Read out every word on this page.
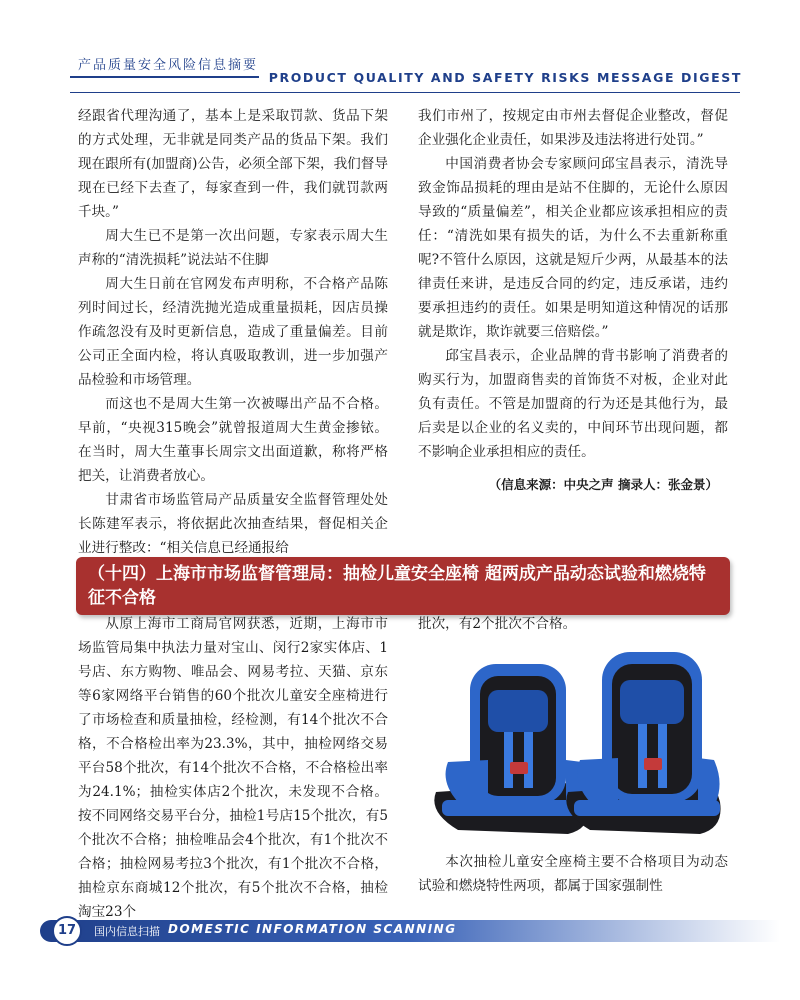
产品质量安全风险信息摘要
PRODUCT QUALITY AND SAFETY RISKS MESSAGE DIGEST

经跟省代理沟通了，基本上是采取罚款、货品下架的方式处理，无非就是同类产品的货品下架。我们现在跟所有(加盟商)公告，必须全部下架，我们督导现在已经下去查了，每家查到一件，我们就罚款两千块。”

周大生已不是第一次出问题，专家表示周大生声称的“清洗损耗”说法站不住脚

周大生日前在官网发布声明称，不合格产品陈列时间过长，经清洗抛光造成重量损耗，因店员操作疏忽没有及时更新信息，造成了重量偏差。目前公司正全面内检，将认真吸取教训，进一步加强产品检验和市场管理。

而这也不是周大生第一次被曝出产品不合格。早前，“央视315晚会”就曾报道周大生黄金掺铱。在当时，周大生董事长周宗文出面道歉，称将严格把关，让消费者放心。

甘肃省市场监管局产品质量安全监督管理处处长陈建军表示，将依据此次抽查结果，督促相关企业进行整改：“相关信息已经通报给

我们市州了，按规定由市州去督促企业整改，督促企业强化企业责任，如果涉及违法将进行处罚。”

中国消费者协会专家顾问邱宝昌表示，清洗导致金饰品损耗的理由是站不住脚的，无论什么原因导致的“质量偏差”，相关企业都应该承担相应的责任：“清洗如果有损失的话，为什么不去重新称重呢?不管什么原因，这就是短斤少两，从最基本的法律责任来讲，是违反合同的约定，违反承诺，违约要承担违约的责任。如果是明知道这种情况的话那就是欺诈，欺诈就要三倍赔偿。”

邱宝昌表示，企业品牌的背书影响了消费者的购买行为，加盟商售卖的首饰货不对板，企业对此负有责任。不管是加盟商的行为还是其他行为，最后卖是以企业的名义卖的，中间环节出现问题，都不影响企业承担相应的责任。

（信息来源：中央之声 摘录人：张金景）
（十四）上海市市场监督管理局：抽检儿童安全座椅 超两成产品动态试验和燃烧特征不合格

从原上海市工商局官网获悉，近期，上海市市场监管局集中执法力量对宝山、闵行2家实体店、1号店、东方购物、唯品会、网易考拉、天猫、京东等6家网络平台销售的60个批次儿童安全座椅进行了市场检查和质量抽检，经检测，有14个批次不合格，不合格检出率为23.3%，其中，抽检网络交易平台58个批次，有14个批次不合格，不合格检出率为24.1%；抽检实体店2个批次，未发现不合格。按不同网络交易平台分，抽检1号店15个批次，有5个批次不合格；抽检唯品会4个批次，有1个批次不合格；抽检网易考拉3个批次，有1个批次不合格，抽检京东商城12个批次，有5个批次不合格，抽检淘宝23个

批次，有2个批次不合格。

本次抽检儿童安全座椅主要不合格项目为动态试验和燃烧特性两项，都属于国家强制性

17	国内信息扫描 DOMESTIC INFORMATION SCANNING
